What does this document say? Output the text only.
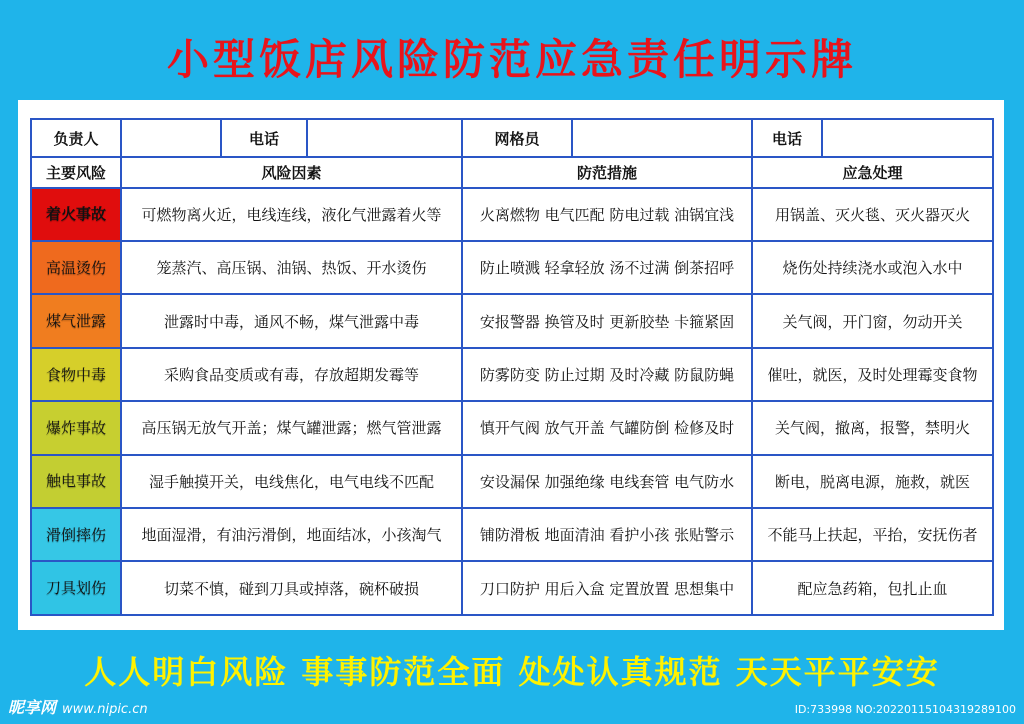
小型饭店风险防范应急责任明示牌
负责人		电话		网格员		电话	
主要风险	风险因素			防范措施		应急处理	

着火事故	可燃物离火近，电线连线，液化气泄露着火等			火离燃物 电气匹配 防电过载 油锅宜浅		用锅盖、灭火毯、灭火器灭火	

高温烫伤	笼蒸汽、高压锅、油锅、热饭、开水烫伤			防止喷溅 轻拿轻放 汤不过满 倒茶招呼		烧伤处持续浇水或泡入水中	

煤气泄露	泄露时中毒，通风不畅，煤气泄露中毒			安报警器 换管及时 更新胶垫 卡箍紧固		关气阀，开门窗，勿动开关	

食物中毒	采购食品变质或有毒，存放超期发霉等			防雾防变 防止过期 及时冷藏 防鼠防蝇		催吐，就医，及时处理霉变食物	

爆炸事故	高压锅无放气开盖；煤气罐泄露；燃气管泄露			慎开气阀 放气开盖 气罐防倒 检修及时		关气阀，撤离，报警，禁明火	

触电事故	湿手触摸开关，电线焦化，电气电线不匹配			安设漏保 加强绝缘 电线套管 电气防水		断电，脱离电源，施救，就医	

滑倒摔伤	地面湿滑，有油污滑倒，地面结冰，小孩淘气			铺防滑板 地面清油 看护小孩 张贴警示		不能马上扶起，平抬，安抚伤者	

刀具划伤	切菜不慎，碰到刀具或掉落，碗杯破损			刀口防护 用后入盒 定置放置 思想集中		配应急药箱，包扎止血	
人人明白风险 事事防范全面 处处认真规范 天天平平安安
昵享网 www.nipic.cn	ID:733998 NO:20220115104319289100
